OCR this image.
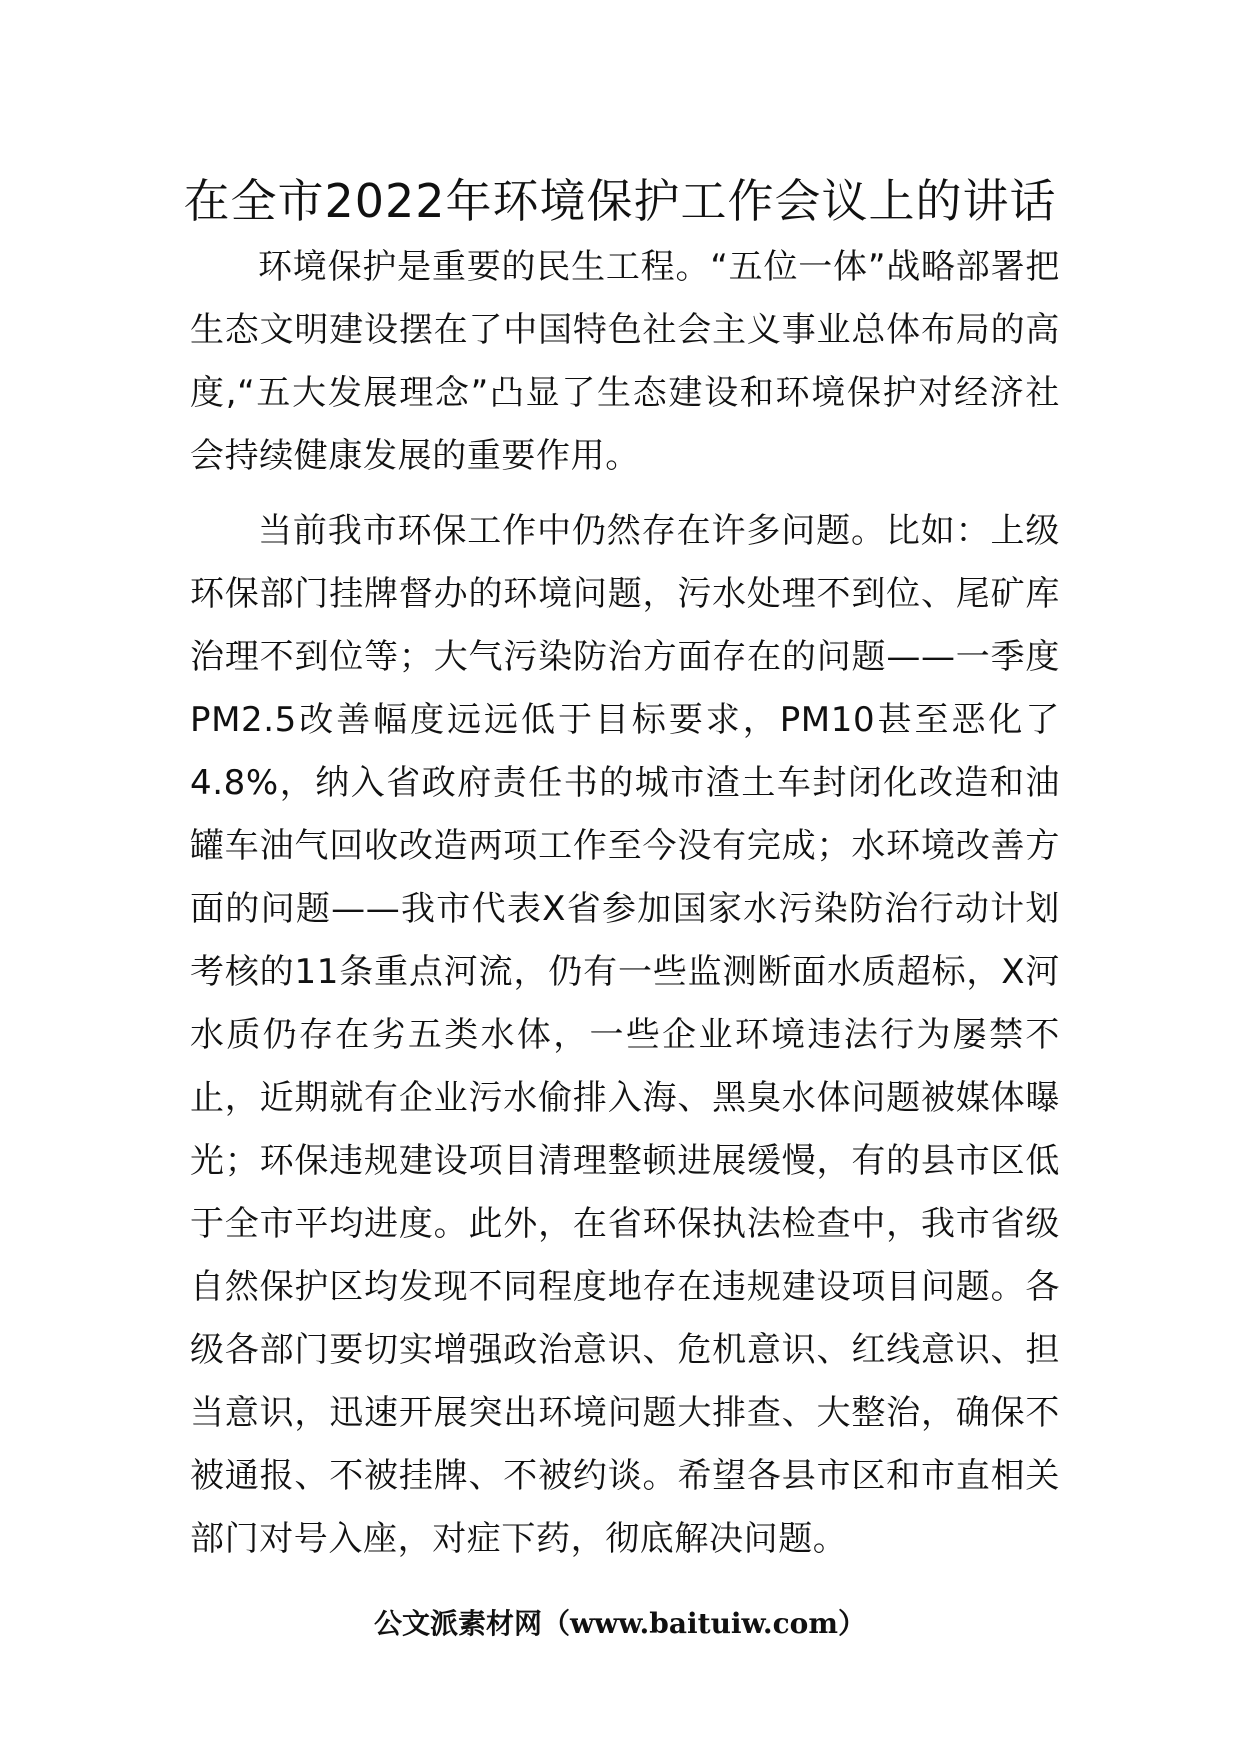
在全市2022年环境保护工作会议上的讲话

环境保护是重要的民生工程。“五位一体”战略部署把生态文明建设摆在了中国特色社会主义事业总体布局的高度,“五大发展理念”凸显了生态建设和环境保护对经济社会持续健康发展的重要作用。

当前我市环保工作中仍然存在许多问题。比如：上级环保部门挂牌督办的环境问题，污水处理不到位、尾矿库治理不到位等；大气污染防治方面存在的问题——一季度PM2.5改善幅度远远低于目标要求，PM10甚至恶化了4.8%，纳入省政府责任书的城市渣土车封闭化改造和油罐车油气回收改造两项工作至今没有完成；水环境改善方面的问题——我市代表X省参加国家水污染防治行动计划考核的11条重点河流，仍有一些监测断面水质超标，X河水质仍存在劣五类水体，一些企业环境违法行为屡禁不止，近期就有企业污水偷排入海、黑臭水体问题被媒体曝光；环保违规建设项目清理整顿进展缓慢，有的县市区低于全市平均进度。此外，在省环保执法检查中，我市省级自然保护区均发现不同程度地存在违规建设项目问题。各级各部门要切实增强政治意识、危机意识、红线意识、担当意识，迅速开展突出环境问题大排查、大整治，确保不被通报、不被挂牌、不被约谈。希望各县市区和市直相关部门对号入座，对症下药，彻底解决问题。

公文派素材网（www.baituiw.com）
